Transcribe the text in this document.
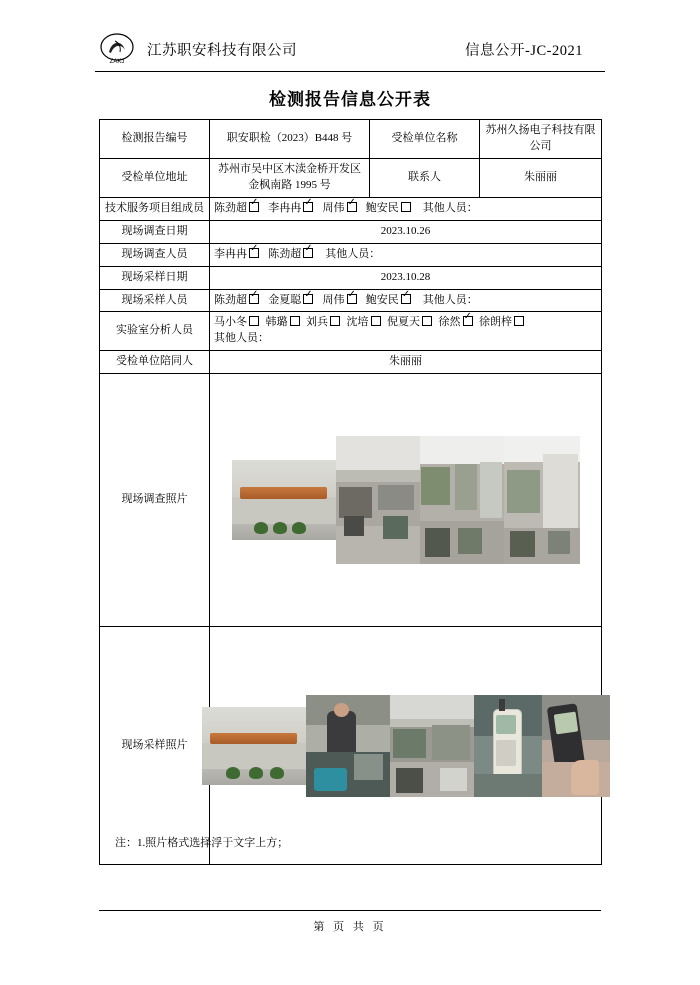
ZAKJ
江苏职安科技有限公司	信息公开-JC-2021
检测报告信息公开表
检测报告编号	职安职检（2023）B448 号	受检单位名称	苏州久扬电子科技有限公司
受检单位地址	苏州市吴中区木渎金桥开发区金枫南路 1995 号	联系人	朱丽丽
技术服务项目组成员	陈劲超 ✓ 李冉冉 ✓ 周伟 ✓ 鲍安民 其他人员：
现场调查日期	2023.10.26		
现场调查人员	李冉冉 ✓ 陈劲超 ✓ 其他人员：
现场采样日期	2023.10.28		
现场采样人员	陈劲超 ✓ 金夏聪 ✓ 周伟 ✓ 鲍安民 ✓ 其他人员：
实验室分析人员	马小冬 韩璐 刘兵 沈培 倪夏天 徐然 ✓ 徐朗梓
其他人员：
受检单位陪同人	朱丽丽		
现场调查照片			

现场采样照片			
注：1.照片格式选择浮于文字上方；
第 页 共 页
